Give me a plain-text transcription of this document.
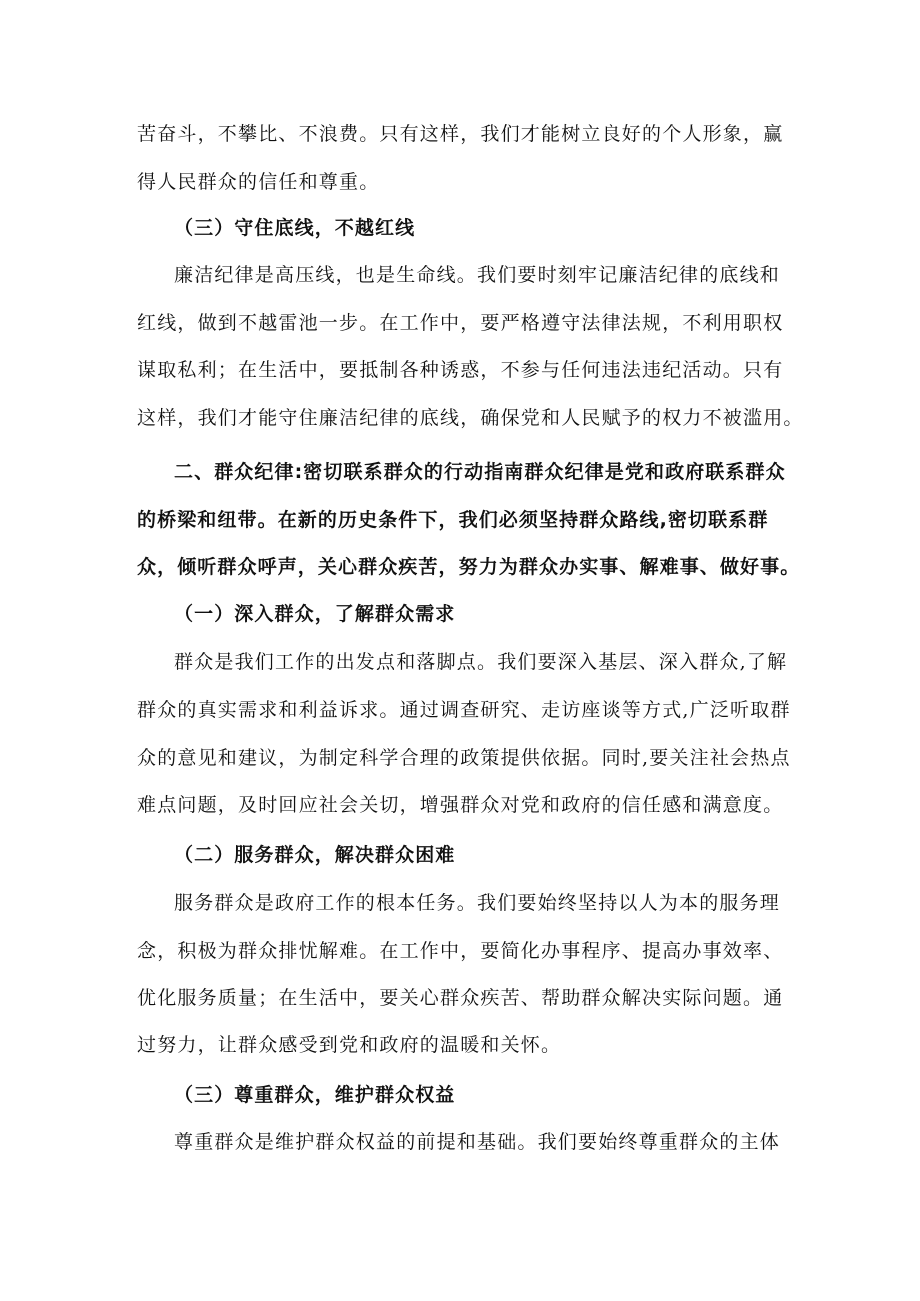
苦奋斗，不攀比、不浪费。只有这样，我们才能树立良好的个人形象，赢
得人民群众的信任和尊重。
（三）守住底线，不越红线
廉洁纪律是高压线，也是生命线。我们要时刻牢记廉洁纪律的底线和
红线，做到不越雷池一步。在工作中，要严格遵守法律法规，不利用职权
谋取私利；在生活中，要抵制各种诱惑，不参与任何违法违纪活动。只有
这样，我们才能守住廉洁纪律的底线，确保党和人民赋予的权力不被滥用。
二、群众纪律:密切联系群众的行动指南群众纪律是党和政府联系群众
的桥梁和纽带。在新的历史条件下，我们必须坚持群众路线,密切联系群
众，倾听群众呼声，关心群众疾苦，努力为群众办实事、解难事、做好事。
（一）深入群众，了解群众需求
群众是我们工作的出发点和落脚点。我们要深入基层、深入群众,了解
群众的真实需求和利益诉求。通过调查研究、走访座谈等方式,广泛听取群
众的意见和建议，为制定科学合理的政策提供依据。同时,要关注社会热点
难点问题，及时回应社会关切，增强群众对党和政府的信任感和满意度。
（二）服务群众，解决群众困难
服务群众是政府工作的根本任务。我们要始终坚持以人为本的服务理
念，积极为群众排忧解难。在工作中，要简化办事程序、提高办事效率、
优化服务质量；在生活中，要关心群众疾苦、帮助群众解决实际问题。通
过努力，让群众感受到党和政府的温暖和关怀。
（三）尊重群众，维护群众权益
尊重群众是维护群众权益的前提和基础。我们要始终尊重群众的主体
